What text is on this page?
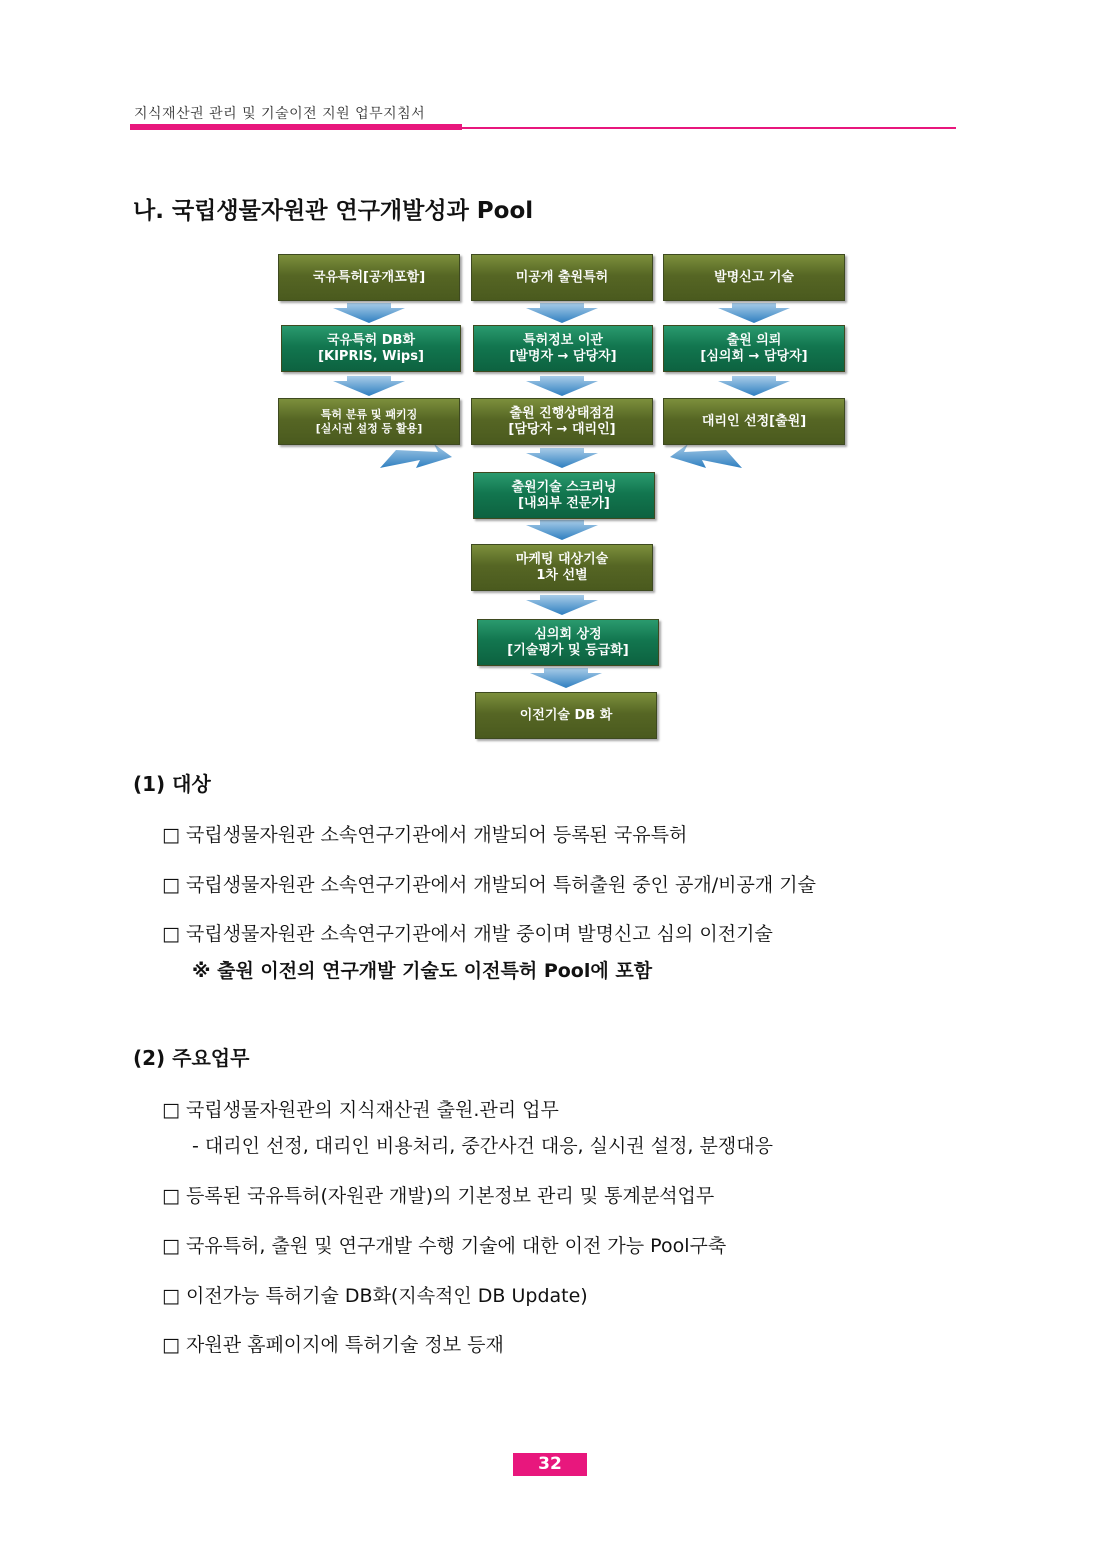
지식재산권 관리 및 기술이전 지원 업무지침서
나. 국립생물자원관 연구개발성과 Pool
국유특허[공개포함]	미공개 출원특허	발명신고 기술
국유특허 DB화
[KIPRIS, Wips]
특허정보 이관
[발명자 → 담당자]
출원 의뢰
[심의회 → 담당자]
특허 분류 및 패키징
[실시권 설정 등 활용]
출원 진행상태점검
[담당자 → 대리인]
대리인 선정[출원]
출원기술 스크리닝
[내외부 전문가]
마케팅 대상기술
1차 선별
심의회 상정
[기술평가 및 등급화]
이전기술 DB 화
(1) 대상
□ 국립생물자원관 소속연구기관에서 개발되어 등록된 국유특허
□ 국립생물자원관 소속연구기관에서 개발되어 특허출원 중인 공개/비공개 기술
□ 국립생물자원관 소속연구기관에서 개발 중이며 발명신고 심의 이전기술
※ 출원 이전의 연구개발 기술도 이전특허 Pool에 포함
(2) 주요업무
□ 국립생물자원관의 지식재산권 출원.관리 업무
- 대리인 선정, 대리인 비용처리, 중간사건 대응, 실시권 설정, 분쟁대응
□ 등록된 국유특허(자원관 개발)의 기본정보 관리 및 통계분석업무
□ 국유특허, 출원 및 연구개발 수행 기술에 대한 이전 가능 Pool구축
□ 이전가능 특허기술 DB화(지속적인 DB Update)
□ 자원관 홈페이지에 특허기술 정보 등재
32
